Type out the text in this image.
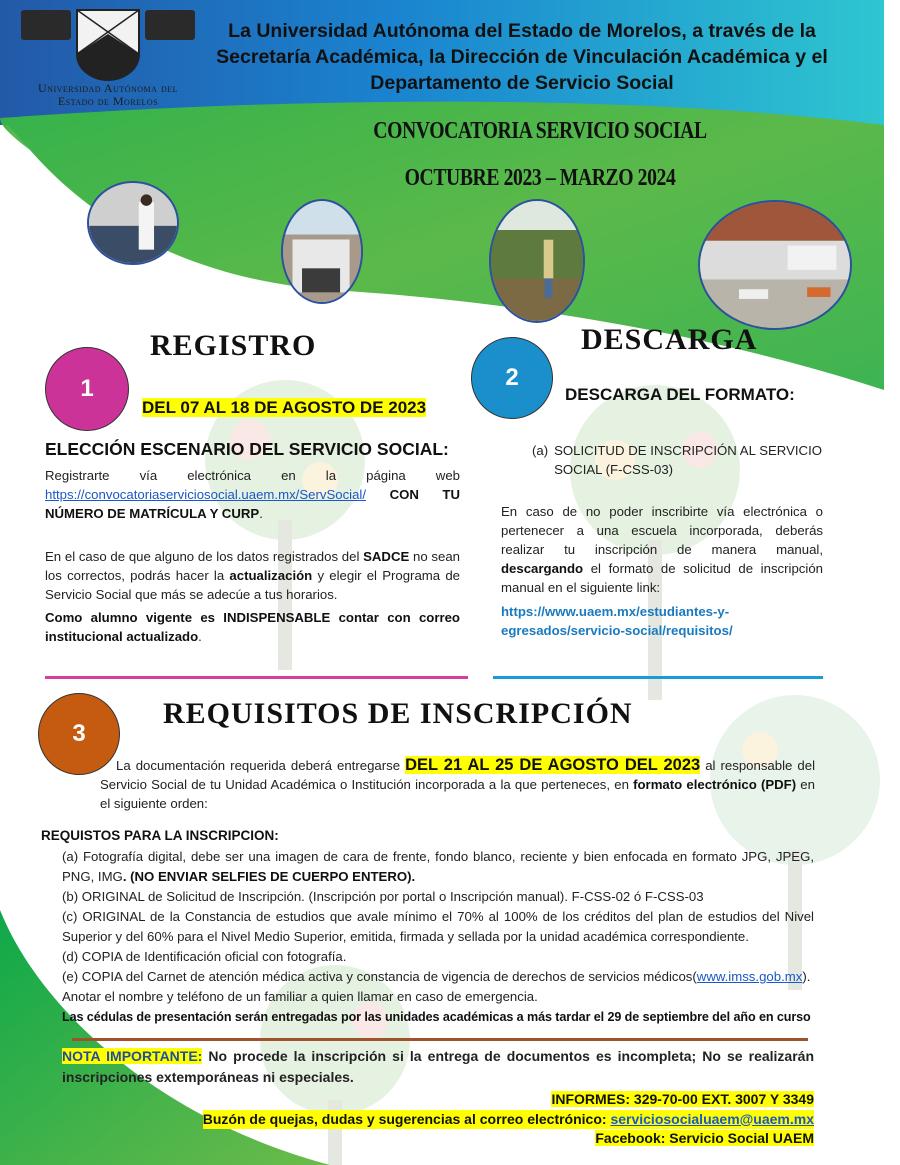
Universidad Autónoma del
Estado de Morelos
La Universidad Autónoma del Estado de Morelos, a través de la
Secretaría Académica, la Dirección de Vinculación Académica y el
Departamento de Servicio Social
CONVOCATORIA SERVICIO SOCIAL
OCTUBRE 2023 – MARZO 2024
REGISTRO
1
DEL 07 AL 18 DE AGOSTO DE 2023
ELECCIÓN ESCENARIO DEL SERVICIO SOCIAL:
Registrarte vía electrónica en la página web https://convocatoriaserviciosocial.uaem.mx/ServSocial/ CON TU NÚMERO DE MATRÍCULA Y CURP.
En el caso de que alguno de los datos registrados del SADCE no sean los correctos, podrás hacer la actualización y elegir el Programa de Servicio Social que más se adecúe a tus horarios.
Como alumno vigente es INDISPENSABLE contar con correo institucional actualizado.
DESCARGA
2
DESCARGA DEL FORMATO:
(a) SOLICITUD DE INSCRIPCIÓN AL SERVICIO SOCIAL (F-CSS-03)
En caso de no poder inscribirte vía electrónica o pertenecer a una escuela incorporada, deberás realizar tu inscripción de manera manual, descargando el formato de solicitud de inscripción manual en el siguiente link:
https://www.uaem.mx/estudiantes-y-
egresados/servicio-social/requisitos/
REQUISITOS DE INSCRIPCIÓN
3
La documentación requerida deberá entregarse DEL 21 AL 25 DE AGOSTO DEL 2023 al responsable del Servicio Social de tu Unidad Académica o Institución incorporada a la que perteneces, en formato electrónico (PDF) en el siguiente orden:
REQUISTOS PARA LA INSCRIPCION:
(a) Fotografía digital, debe ser una imagen de cara de frente, fondo blanco, reciente y bien enfocada en formato JPG, JPEG, PNG, IMG. (NO ENVIAR SELFIES DE CUERPO ENTERO).
(b) ORIGINAL de Solicitud de Inscripción. (Inscripción por portal o Inscripción manual). F-CSS-02 ó F-CSS-03
(c) ORIGINAL de la Constancia de estudios que avale mínimo el 70% al 100% de los créditos del plan de estudios del Nivel Superior y del 60% para el Nivel Medio Superior, emitida, firmada y sellada por la unidad académica correspondiente.
(d) COPIA de Identificación oficial con fotografía.
(e) COPIA del Carnet de atención médica activa y constancia de vigencia de derechos de servicios médicos(www.imss.gob.mx).
Anotar el nombre y teléfono de un familiar a quien llamar en caso de emergencia.
Las cédulas de presentación serán entregadas por las unidades académicas a más tardar el 29 de septiembre del año en curso
NOTA IMPORTANTE: No procede la inscripción si la entrega de documentos es incompleta; No se realizarán inscripciones extemporáneas ni especiales.
INFORMES: 329-70-00 EXT. 3007 Y 3349
Buzón de quejas, dudas y sugerencias al correo electrónico: serviciosocialuaem@uaem.mx
Facebook: Servicio Social UAEM
